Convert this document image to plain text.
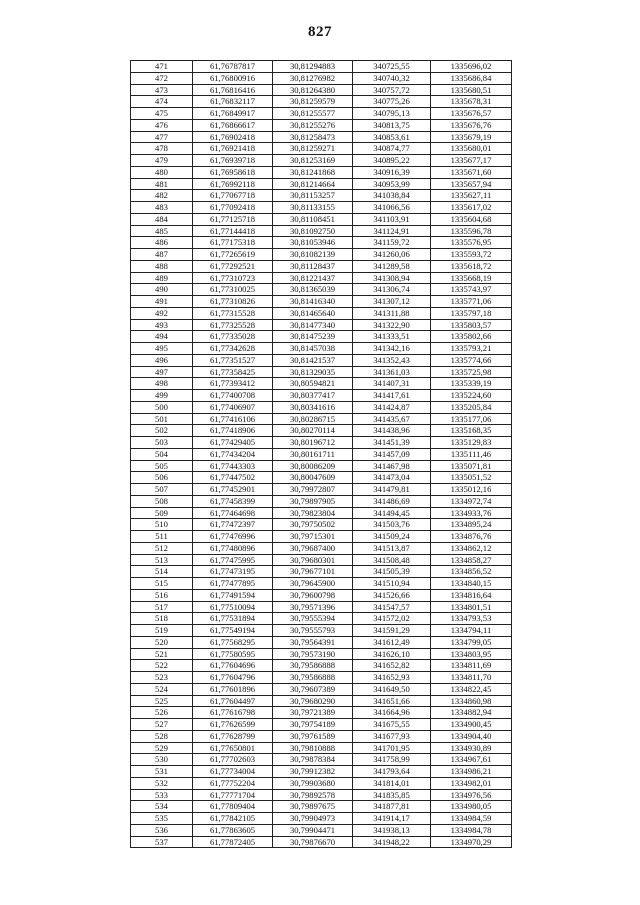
827
471	61,76787817	30,81294883	340725,55	1335696,02
472	61,76800916	30,81276982	340740,32	1335686,84
473	61,76816416	30,81264380	340757,72	1335680,51
474	61,76832117	30,81259579	340775,26	1335678,31
475	61,76849917	30,81255577	340795,13	1335676,57
476	61,76866617	30,81255276	340813,75	1335676,76
477	61,76902418	30,81258473	340853,61	1335679,19
478	61,76921418	30,81259271	340874,77	1335680,01
479	61,76939718	30,81253169	340895,22	1335677,17
480	61,76958618	30,81241868	340916,39	1335671,60
481	61,76992118	30,81214664	340953,99	1335657,94
482	61,77067718	30,81153257	341038,84	1335627,11
483	61,77092418	30,81133155	341066,56	1335617,02
484	61,77125718	30,81108451	341103,91	1335604,68
485	61,77144418	30,81092750	341124,91	1335596,78
486	61,77175318	30,81053946	341159,72	1335576,95
487	61,77265619	30,81082139	341260,06	1335593,72
488	61,77292521	30,81128437	341289,58	1335618,72
489	61,77310723	30,81221437	341308,94	1335668,19
490	61,77310025	30,81365039	341306,74	1335743,97
491	61,77310826	30,81416340	341307,12	1335771,06
492	61,77315528	30,81465640	341311,88	1335797,18
493	61,77325528	30,81477340	341322,90	1335803,57
494	61,77335028	30,81475239	341333,51	1335802,66
495	61,77342628	30,81457038	341342,16	1335793,21
496	61,77351527	30,81421537	341352,43	1335774,66
497	61,77358425	30,81329035	341361,03	1335725,98
498	61,77393412	30,80594821	341407,31	1335339,19
499	61,77400708	30,80377417	341417,61	1335224,60
500	61,77406907	30,80341616	341424,87	1335205,84
501	61,77416106	30,80286715	341435,67	1335177,06
502	61,77418906	30,80270114	341438,96	1335168,35
503	61,77429405	30,80196712	341451,39	1335129,83
504	61,77434204	30,80161711	341457,09	1335111,46
505	61,77443303	30,80086209	341467,98	1335071,81
506	61,77447502	30,80047609	341473,04	1335051,52
507	61,77452901	30,79972807	341479,81	1335012,16
508	61,77458399	30,79897905	341486,69	1334972,74
509	61,77464698	30,79823804	341494,45	1334933,76
510	61,77472397	30,79750502	341503,76	1334895,24
511	61,77476996	30,79715301	341509,24	1334876,76
512	61,77480896	30,79687400	341513,87	1334862,12
513	61,77475995	30,79680301	341508,48	1334858,27
514	61,77473195	30,79677101	341505,39	1334856,52
515	61,77477895	30,79645900	341510,94	1334840,15
516	61,77491594	30,79600798	341526,66	1334816,64
517	61,77510094	30,79571396	341547,57	1334801,51
518	61,77531894	30,79555394	341572,02	1334793,53
519	61,77549194	30,79555793	341591,29	1334794,11
520	61,77568295	30,79564391	341612,49	1334799,05
521	61,77580595	30,79573190	341626,10	1334803,95
522	61,77604696	30,79586888	341652,82	1334811,69
523	61,77604796	30,79586888	341652,93	1334811,70
524	61,77601896	30,79607389	341649,50	1334822,45
525	61,77604497	30,79680290	341651,66	1334860,98
526	61,77616798	30,79721389	341664,96	1334882,94
527	61,77626599	30,79754189	341675,55	1334900,45
528	61,77628799	30,79761589	341677,93	1334904,40
529	61,77650801	30,79810888	341701,95	1334930,89
530	61,77702603	30,79878384	341758,99	1334967,61
531	61,77734004	30,79912382	341793,64	1334986,21
532	61,77752204	30,79903680	341814,01	1334982,01
533	61,77771704	30,79892578	341835,85	1334976,56
534	61,77809404	30,79897675	341877,81	1334980,05
535	61,77842105	30,79904973	341914,17	1334984,59
536	61,77863605	30,79904471	341938,13	1334984,78
537	61,77872405	30,79876670	341948,22	1334970,29
